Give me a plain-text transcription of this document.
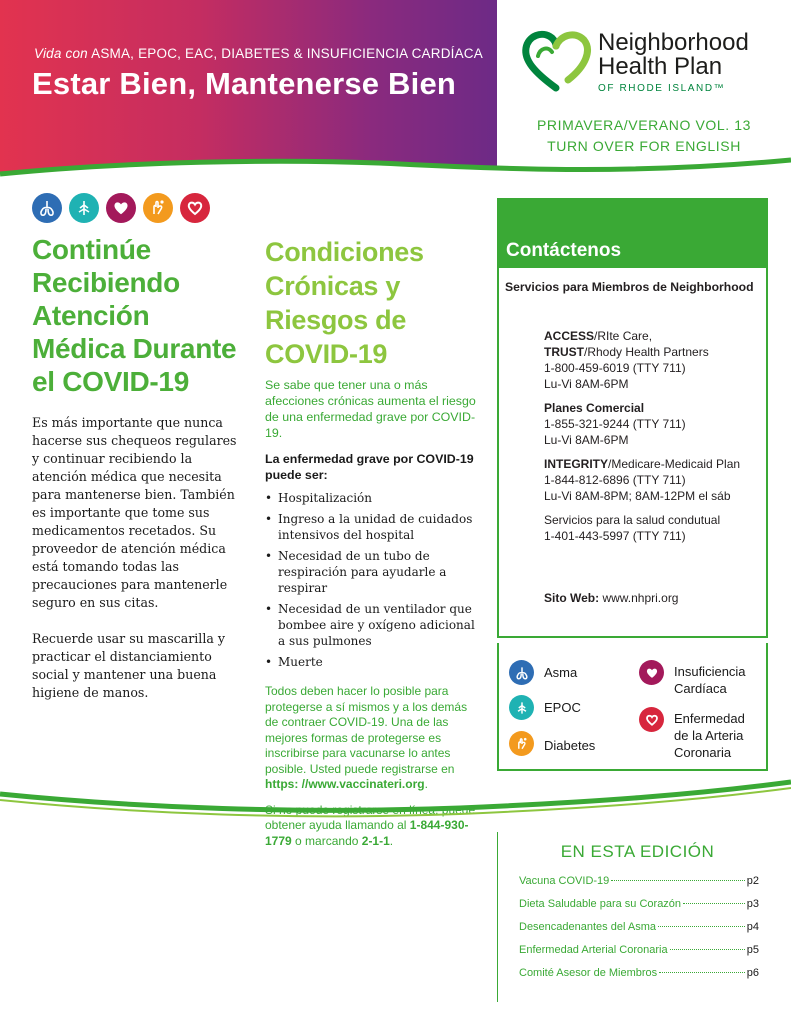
Vida con ASMA, EPOC, EAC, DIABETES & INSUFICIENCIA CARDÍACA
Estar Bien, Mantenerse Bien
Neighborhood
Health Plan
OF RHODE ISLAND™
PRIMAVERA/VERANO VOL. 13
TURN OVER FOR ENGLISH
Continúe Recibiendo Atención Médica Durante el COVID-19

Es más importante que nunca hacerse sus chequeos regulares y continuar recibiendo la atención médica que necesita para mantenerse bien. También es importante que tome sus medicamentos recetados. Su proveedor de atención médica está tomando todas las precauciones para mantenerle seguro en sus citas.

Recuerde usar su mascarilla y practicar el distanciamiento social y mantener una buena higiene de manos.

Condiciones Crónicas y Riesgos de COVID-19

Se sabe que tener una o más afecciones crónicas aumenta el riesgo de una enfermedad grave por COVID-19.

La enfermedad grave por COVID-19 puede ser:

• Hospitalización
• Ingreso a la unidad de cuidados intensivos del hospital
• Necesidad de un tubo de respiración para ayudarle a respirar
• Necesidad de un ventilador que bombee aire y oxígeno adicional a sus pulmones
• Muerte

Todos deben hacer lo posible para protegerse a sí mismos y a los demás de contraer COVID-19. Una de las mejores formas de protegerse es inscribirse para vacunarse lo antes posible. Usted puede registrarse en https: //www.vaccinateri.org.

Si no puede registrarse en línea, puede obtener ayuda llamando al 1-844-930-1779 o marcando 2-1-1.

Contáctenos
Servicios para Miembros de Neighborhood
ACCESS/RIte Care,
TRUST/Rhody Health Partners
1-800-459-6019 (TTY 711)
Lu-Vi 8AM-6PM
Planes Comercial
1-855-321-9244 (TTY 711)
Lu-Vi 8AM-6PM
INTEGRITY/Medicare-Medicaid Plan
1-844-812-6896 (TTY 711)
Lu-Vi 8AM-8PM; 8AM-12PM el sáb
Servicios para la salud condutual
1-401-443-5997 (TTY 711)
Sito Web: www.nhpri.org
Asma
EPOC
Diabetes
Insuficiencia
Cardíaca
Enfermedad
de la Arteria
Coronaria
EN ESTA EDICIÓN
Vacuna COVID-19	p2
Dieta Saludable para su Corazón	p3
Desencadenantes del Asma	p4
Enfermedad Arterial Coronaria	p5
Comité Asesor de Miembros	p6
